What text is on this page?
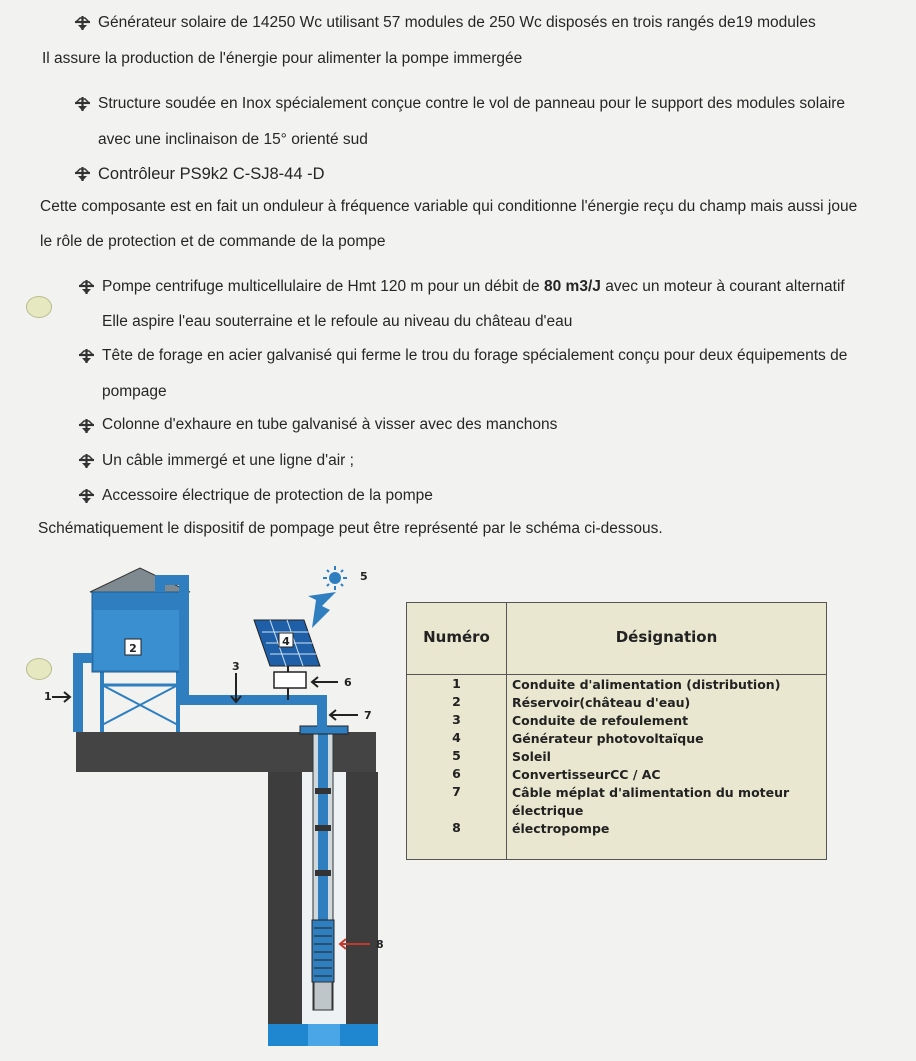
Générateur solaire de 14250 Wc utilisant 57 modules de 250 Wc disposés en trois rangés de19 modules
Il assure la production de l'énergie pour alimenter la pompe immergée
Structure soudée en Inox spécialement conçue contre le vol de panneau pour le support des modules solaire
avec une inclinaison de 15° orienté sud
Contrôleur PS9k2 C-SJ8-44 -D
Cette composante est en fait un onduleur à fréquence variable qui conditionne l'énergie reçu du champ mais aussi joue
le rôle de protection et de commande de la pompe
Pompe centrifuge multicellulaire de Hmt 120 m pour un débit de 80 m3/J avec un moteur à courant alternatif
Elle aspire l'eau souterraine et le refoule au niveau du château d'eau
Tête de forage en acier galvanisé qui ferme le trou du forage spécialement conçu pour deux équipements de
pompage
Colonne d'exhaure en tube galvanisé à visser avec des manchons
Un câble immergé et une ligne d'air ;
Accessoire électrique de protection de la pompe
Schématiquement le dispositif de pompage peut être représenté par le schéma ci-dessous.
2
1
3
4
6
7
5
8
Numéro	Désignation
1	Conduite d'alimentation (distribution)
2	Réservoir(château d'eau)
3	Conduite de refoulement
4	Générateur photovoltaïque
5	Soleil
6	ConvertisseurCC / AC
7	Câble méplat d'alimentation du moteur électrique
8	électropompe
